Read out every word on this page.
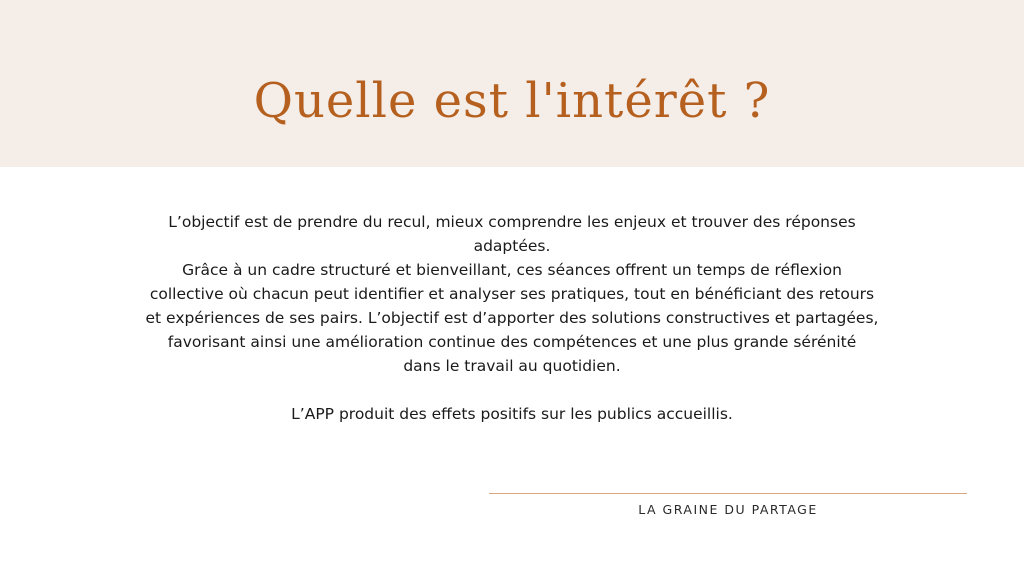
Quelle est l'intérêt ?

L’objectif est de prendre du recul, mieux comprendre les enjeux et trouver des réponses

adaptées.

Grâce à un cadre structuré et bienveillant, ces séances offrent un temps de réflexion

collective où chacun peut identifier et analyser ses pratiques, tout en bénéficiant des retours

et expériences de ses pairs. L’objectif est d’apporter des solutions constructives et partagées,

favorisant ainsi une amélioration continue des compétences et une plus grande sérénité

dans le travail au quotidien.

L’APP produit des effets positifs sur les publics accueillis.

LA GRAINE DU PARTAGE
